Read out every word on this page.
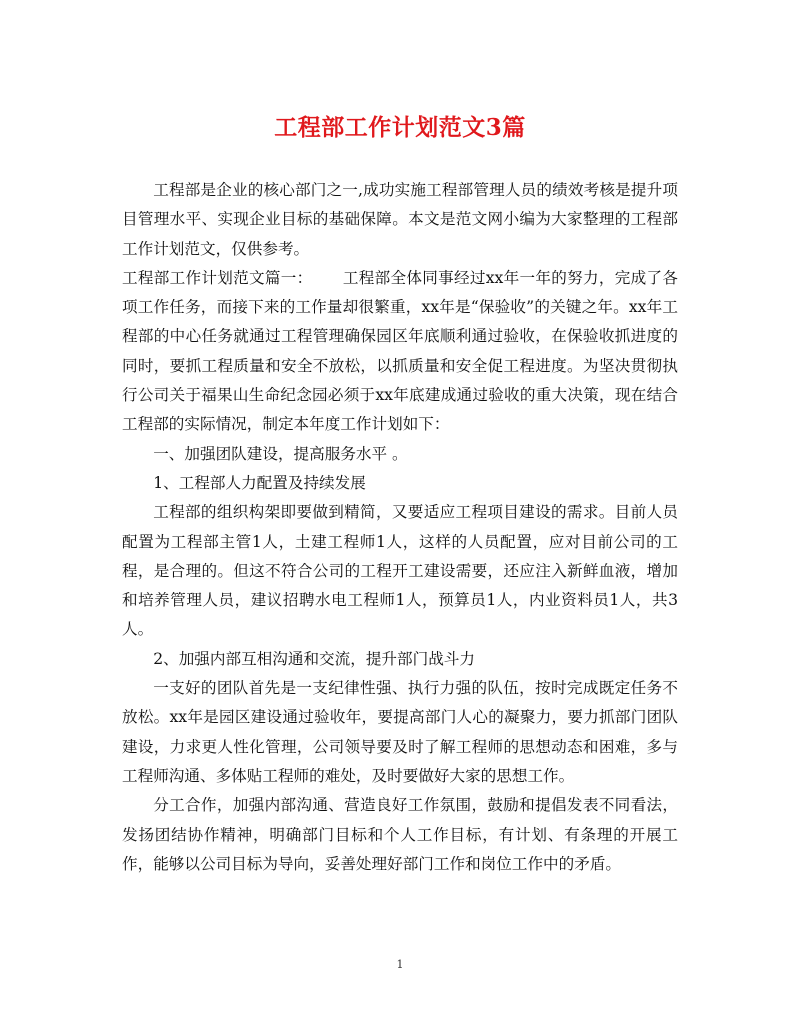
工程部工作计划范文3篇

工程部是企业的核心部门之一,成功实施工程部管理人员的绩效考核是提升项目管理水平、实现企业目标的基础保障。本文是范文网小编为大家整理的工程部工作计划范文，仅供参考。

工程部工作计划范文篇一： 工程部全体同事经过xx年一年的努力，完成了各项工作任务，而接下来的工作量却很繁重，xx年是“保验收”的关键之年。xx年工程部的中心任务就通过工程管理确保园区年底顺利通过验收，在保验收抓进度的同时，要抓工程质量和安全不放松，以抓质量和安全促工程进度。为坚决贯彻执行公司关于福果山生命纪念园必须于xx年底建成通过验收的重大决策，现在结合工程部的实际情况，制定本年度工作计划如下：

一、加强团队建设，提高服务水平 。

1、工程部人力配置及持续发展

工程部的组织构架即要做到精简，又要适应工程项目建设的需求。目前人员配置为工程部主管1人，土建工程师1人，这样的人员配置，应对目前公司的工程，是合理的。但这不符合公司的工程开工建设需要，还应注入新鲜血液，增加和培养管理人员，建议招聘水电工程师1人，预算员1人，内业资料员1人，共3人。

2、加强内部互相沟通和交流，提升部门战斗力

一支好的团队首先是一支纪律性强、执行力强的队伍，按时完成既定任务不放松。xx年是园区建设通过验收年，要提高部门人心的凝聚力，要力抓部门团队建设，力求更人性化管理，公司领导要及时了解工程师的思想动态和困难，多与工程师沟通、多体贴工程师的难处，及时要做好大家的思想工作。

分工合作，加强内部沟通、营造良好工作氛围，鼓励和提倡发表不同看法，发扬团结协作精神，明确部门目标和个人工作目标，有计划、有条理的开展工作，能够以公司目标为导向，妥善处理好部门工作和岗位工作中的矛盾。

1
